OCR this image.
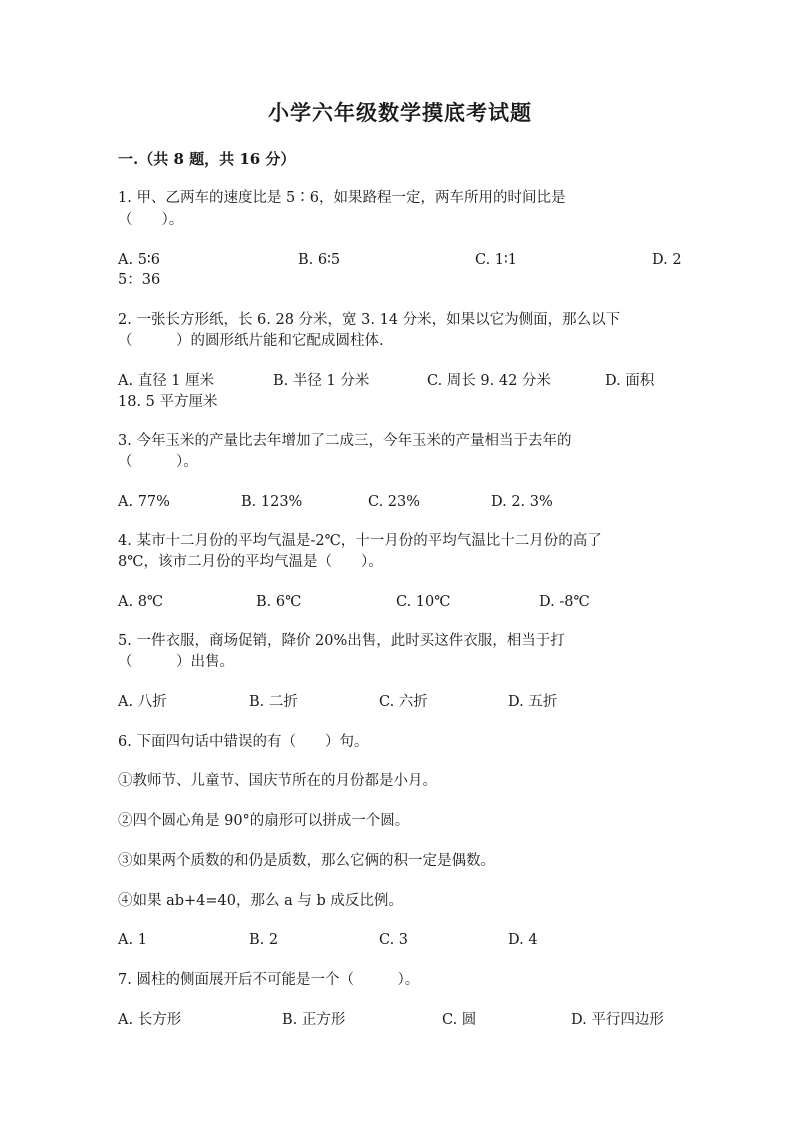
小学六年级数学摸底考试题
一.（共 8 题，共 16 分）
1. 甲、乙两车的速度比是 5∶6，如果路程一定，两车所用的时间比是
（　　）。
A. 5∶6	B. 6∶5	C. 1∶1	D. 2
5：36
2. 一张长方形纸，长 6. 28 分米，宽 3. 14 分米，如果以它为侧面，那么以下
（　　　）的圆形纸片能和它配成圆柱体.
A. 直径 1 厘米	B. 半径 1 分米	C. 周长 9. 42 分米	D. 面积
18. 5 平方厘米
3. 今年玉米的产量比去年增加了二成三，今年玉米的产量相当于去年的
（　　　）。
A. 77%	B. 123%	C. 23%	D. 2. 3%
4. 某市十二月份的平均气温是-2℃，十一月份的平均气温比十二月份的高了
8℃，该市二月份的平均气温是（　　）。
A. 8℃	B. 6℃	C. 10℃	D. -8℃
5. 一件衣服，商场促销，降价 20%出售，此时买这件衣服，相当于打
（　　　）出售。
A. 八折	B. 二折	C. 六折	D. 五折
6. 下面四句话中错误的有（　　）句。
①教师节、儿童节、国庆节所在的月份都是小月。
②四个圆心角是 90°的扇形可以拼成一个圆。
③如果两个质数的和仍是质数，那么它俩的积一定是偶数。
④如果 ab+4=40，那么 a 与 b 成反比例。
A. 1	B. 2	C. 3	D. 4
7. 圆柱的侧面展开后不可能是一个（　　　）。
A. 长方形	B. 正方形	C. 圆	D. 平行四边形
